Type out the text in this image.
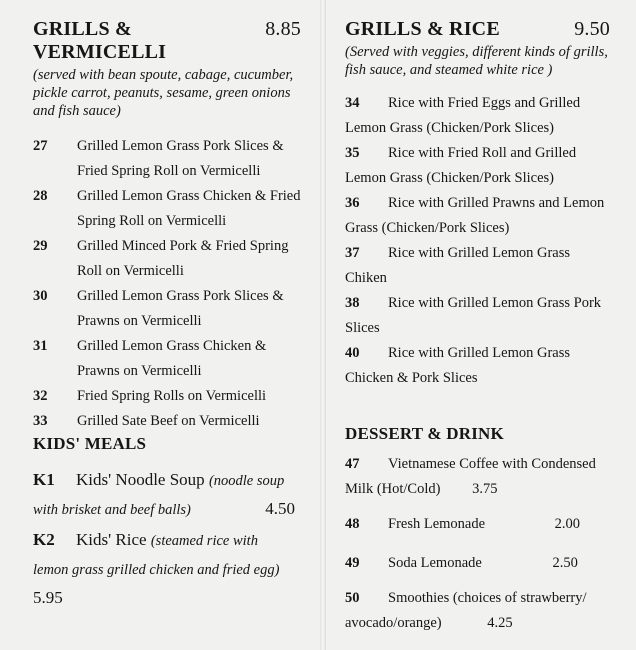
GRILLS & VERMICELLI
8.85
(served with bean spoute, cabage, cucumber, pickle carrot, peanuts, sesame, green onions and fish sauce)
27	Grilled Lemon Grass Pork Slices & Fried Spring Roll on Vermicelli
28	Grilled Lemon Grass Chicken & Fried Spring Roll on Vermicelli
29	Grilled Minced Pork & Fried Spring Roll on Vermicelli
30	Grilled Lemon Grass Pork Slices & Prawns on Vermicelli
31	Grilled Lemon Grass Chicken & Prawns on Vermicelli
32	Fried Spring Rolls on Vermicelli
33	Grilled Sate Beef on Vermicelli
KIDS' MEALS
K1 Kids' Noodle Soup (noodle soup with brisket and beef balls)	4.50
K2 Kids' Rice (steamed rice with lemon grass grilled chicken and fried egg) 5.95
GRILLS & RICE	9.50
(Served with veggies, different kinds of grills, fish sauce, and steamed white rice )
34 Rice with Fried Eggs and Grilled Lemon Grass (Chicken/Pork Slices)
35 Rice with Fried Roll and Grilled Lemon Grass (Chicken/Pork Slices)
36 Rice with Grilled Prawns and Lemon Grass (Chicken/Pork Slices)
37 Rice with Grilled Lemon Grass Chiken
38 Rice with Grilled Lemon Grass Pork Slices
40 Rice with Grilled Lemon Grass Chicken & Pork Slices
DESSERT & DRINK
47 Vietnamese Coffee with Condensed Milk (Hot/Cold) 3.75
48 Fresh Lemonade	2.00
49 Soda Lemonade	2.50
50 Smoothies (choices of strawberry/ avocado/orange)	4.25
